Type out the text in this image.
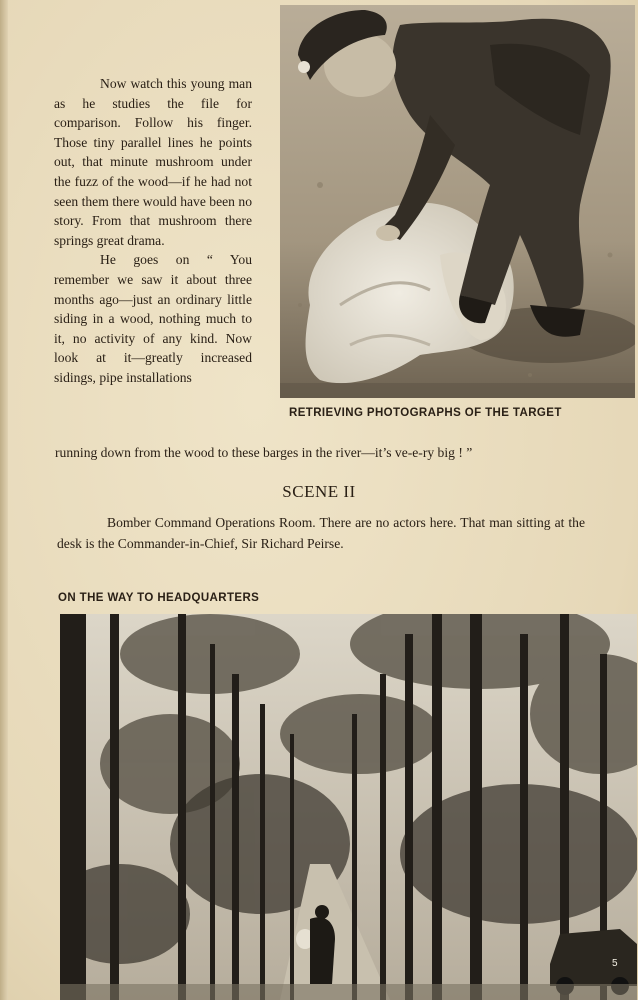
RETRIEVING PHOTOGRAPHS OF THE TARGET

Now watch this young man as he studies the file for comparison. Follow his finger. Those tiny parallel lines he points out, that minute mushroom under the fuzz of the wood—if he had not seen them there would have been no story. From that mushroom there springs great drama.

He goes on “ You remember we saw it about three months ago—just an ordinary little siding in a wood, nothing much to it, no activity of any kind. Now look at it—greatly increased sidings, pipe installations

running down from the wood to these barges in the river—it’s ve-e-ry big ! ”
SCENE II
Bomber Command Operations Room. There are no actors here. That man sitting at the desk is the Commander-in-Chief, Sir Richard Peirse.
ON THE WAY TO HEADQUARTERS
5
